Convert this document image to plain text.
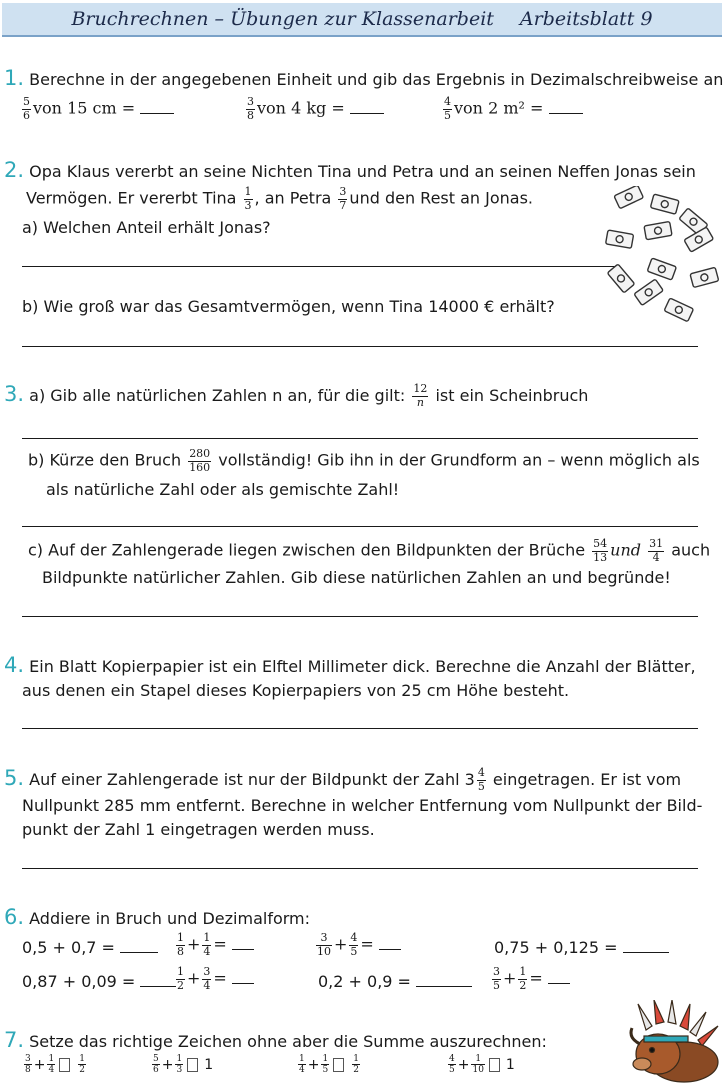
Bruchrechnen – Übungen zur Klassenarbeit Arbeitsblatt 9
1. Berechne in der angegebenen Einheit und gib das Ergebnis in Dezimalschreibweise an
$\frac{5}{6}$ von 15 cm =	$\frac{3}{8}$ von 4 kg =	$\frac{4}{5}$ von 2 m² =
2. Opa Klaus vererbt an seine Nichten Tina und Petra und an seinen Neffen Jonas sein
Vermögen. Er vererbt Tina $\frac{1}{3}$ , an Petra $\frac{3}{7}$ und den Rest an Jonas.
a) Welchen Anteil erhält Jonas?
b) Wie groß war das Gesamtvermögen, wenn Tina 14000 € erhält?
3. a) Gib alle natürlichen Zahlen n an, für die gilt: $\frac{12}{n}$ ist ein Scheinbruch
b) Kürze den Bruch $\frac{280}{160}$ vollständig! Gib ihn in der Grundform an – wenn möglich als
als natürliche Zahl oder als gemischte Zahl!
c) Auf der Zahlengerade liegen zwischen den Bildpunkten der Brüche $\frac{54}{13}$ und $\frac{31}{4}$ auch
Bildpunkte natürlicher Zahlen. Gib diese natürlichen Zahlen an und begründe!
4. Ein Blatt Kopierpapier ist ein Elftel Millimeter dick. Berechne die Anzahl der Blätter,
aus denen ein Stapel dieses Kopierpapiers von 25 cm Höhe besteht.
5. Auf einer Zahlengerade ist nur der Bildpunkt der Zahl $3 \frac{4}{5}$ eingetragen. Er ist vom
Nullpunkt 285 mm entfernt. Berechne in welcher Entfernung vom Nullpunkt der Bild-
punkt der Zahl 1 eingetragen werden muss.
6. Addiere in Bruch und Dezimalform:
0,5 + 0,7 =	$\frac{1}{8} + \frac{1}{4}$ =	$\frac{3}{10} + \frac{4}{5}$ =	0,75 + 0,125 =
0,87 + 0,09 =	$\frac{1}{2} + \frac{3}{4}$ =	0,2 + 0,9 =	$\frac{3}{5} + \frac{1}{2}$ =
7. Setze das richtige Zeichen ohne aber die Summe auszurechnen:
$\frac{3}{8} + \frac{1}{4}$	$\frac{1}{2}$	$\frac{5}{6} + \frac{1}{3} 1$	$\frac{1}{4} + \frac{1}{5}$	$\frac{1}{2}$	$\frac{4}{5} + \frac{1}{10} 1$
